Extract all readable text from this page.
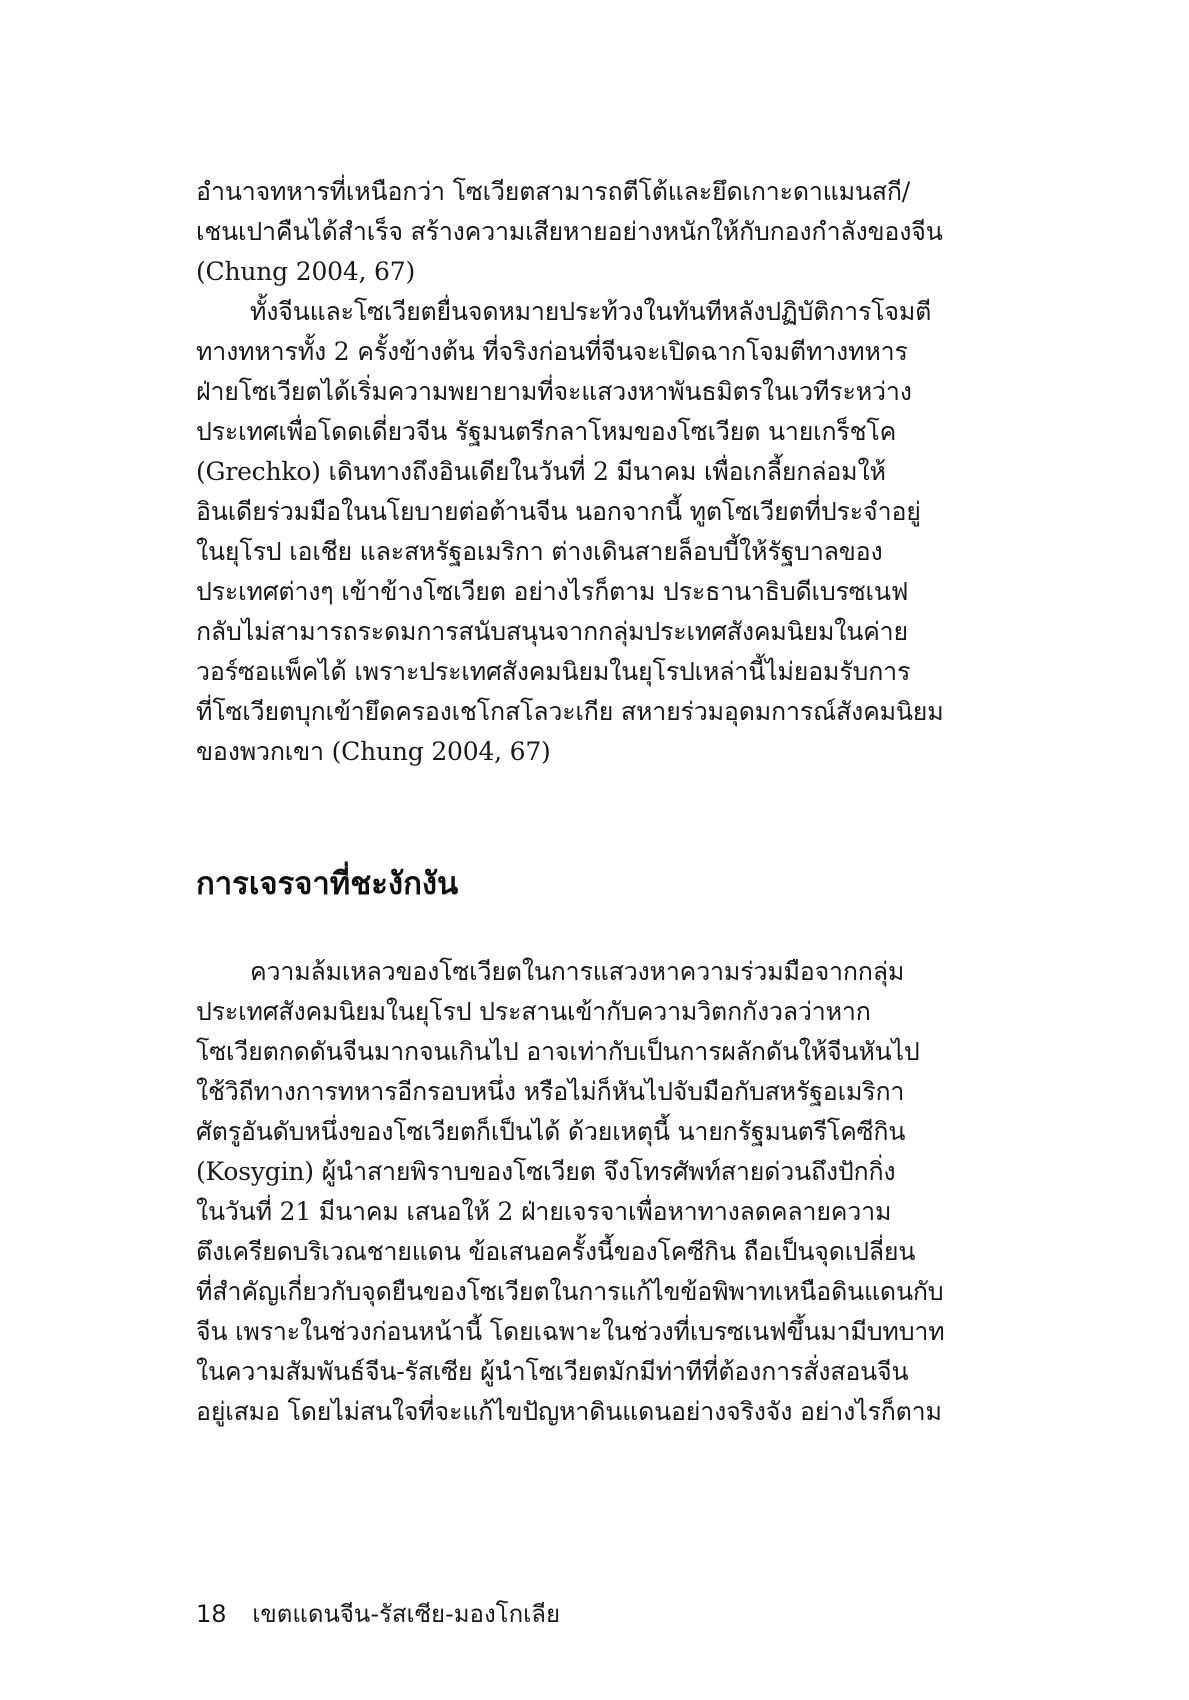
อำนาจทหารที่เหนือกว่า โซเวียตสามารถตีโต้และยึดเกาะดาแมนสกี/
เชนเปาคืนได้สำเร็จ สร้างความเสียหายอย่างหนักให้กับกองกำลังของจีน
(Chung 2004, 67)
ทั้งจีนและโซเวียตยื่นจดหมายประท้วงในทันทีหลังปฏิบัติการโจมตี
ทางทหารทั้ง 2 ครั้งข้างต้น ที่จริงก่อนที่จีนจะเปิดฉากโจมตีทางทหาร
ฝ่ายโซเวียตได้เริ่มความพยายามที่จะแสวงหาพันธมิตรในเวทีระหว่าง
ประเทศเพื่อโดดเดี่ยวจีน รัฐมนตรีกลาโหมของโซเวียต นายเกร็ชโค
(Grechko) เดินทางถึงอินเดียในวันที่ 2 มีนาคม เพื่อเกลี้ยกล่อมให้
อินเดียร่วมมือในนโยบายต่อต้านจีน นอกจากนี้ ทูตโซเวียตที่ประจำอยู่
ในยุโรป เอเชีย และสหรัฐอเมริกา ต่างเดินสายล็อบบี้ให้รัฐบาลของ
ประเทศต่างๆ เข้าข้างโซเวียต อย่างไรก็ตาม ประธานาธิบดีเบรซเนฟ
กลับไม่สามารถระดมการสนับสนุนจากกลุ่มประเทศสังคมนิยมในค่าย
วอร์ซอแพ็คได้ เพราะประเทศสังคมนิยมในยุโรปเหล่านี้ไม่ยอมรับการ
ที่โซเวียตบุกเข้ายึดครองเชโกสโลวะเกีย สหายร่วมอุดมการณ์สังคมนิยม
ของพวกเขา (Chung 2004, 67)
การเจรจาที่ชะงักงัน
ความล้มเหลวของโซเวียตในการแสวงหาความร่วมมือจากกลุ่ม
ประเทศสังคมนิยมในยุโรป ประสานเข้ากับความวิตกกังวลว่าหาก
โซเวียตกดดันจีนมากจนเกินไป อาจเท่ากับเป็นการผลักดันให้จีนหันไป
ใช้วิถีทางการทหารอีกรอบหนึ่ง หรือไม่ก็หันไปจับมือกับสหรัฐอเมริกา
ศัตรูอันดับหนึ่งของโซเวียตก็เป็นได้ ด้วยเหตุนี้ นายกรัฐมนตรีโคซีกิน
(Kosygin) ผู้นำสายพิราบของโซเวียต จึงโทรศัพท์สายด่วนถึงปักกิ่ง
ในวันที่ 21 มีนาคม เสนอให้ 2 ฝ่ายเจรจาเพื่อหาทางลดคลายความ
ตึงเครียดบริเวณชายแดน ข้อเสนอครั้งนี้ของโคซีกิน ถือเป็นจุดเปลี่ยน
ที่สำคัญเกี่ยวกับจุดยืนของโซเวียตในการแก้ไขข้อพิพาทเหนือดินแดนกับ
จีน เพราะในช่วงก่อนหน้านี้ โดยเฉพาะในช่วงที่เบรซเนฟขึ้นมามีบทบาท
ในความสัมพันธ์จีน-รัสเซีย ผู้นำโซเวียตมักมีท่าทีที่ต้องการสั่งสอนจีน
อยู่เสมอ โดยไม่สนใจที่จะแก้ไขปัญหาดินแดนอย่างจริงจัง อย่างไรก็ตาม
18 เขตแดนจีน-รัสเซีย-มองโกเลีย
